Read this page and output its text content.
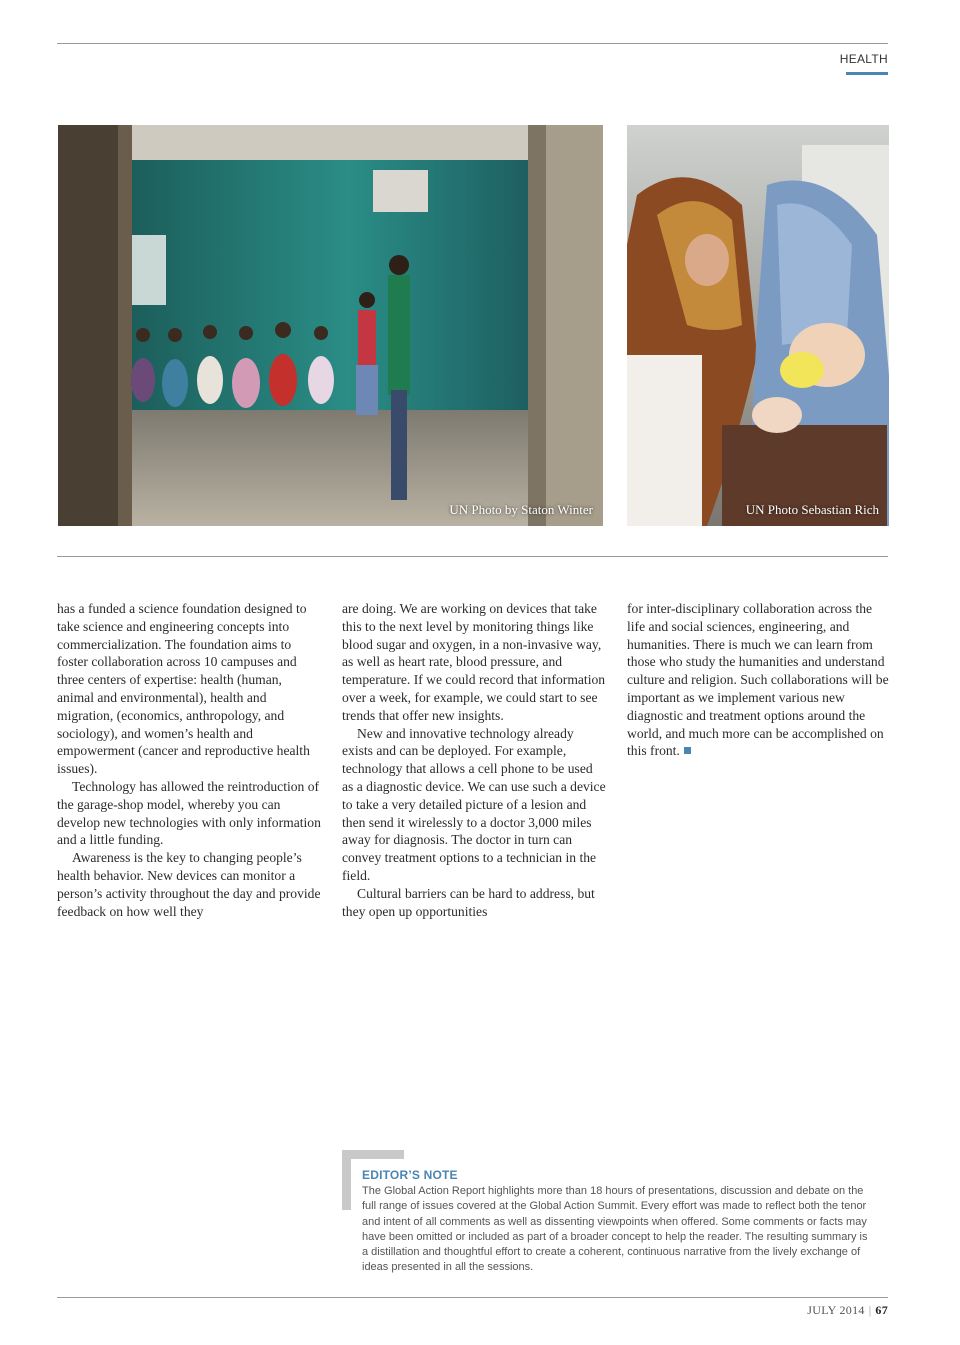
HEALTH
UN Photo by Staton Winter	UN Photo Sebastian Rich

has a funded a science foundation designed to take science and engineering concepts into commercialization. The foundation aims to foster collaboration across 10 campuses and three centers of expertise: health (human, animal and environmental), health and migration, (economics, anthropology, and sociology), and women’s health and empowerment (cancer and reproductive health issues).

Technology has allowed the reintroduction of the garage-shop model, whereby you can develop new technologies with only information and a little funding.

Awareness is the key to changing people’s health behavior. New devices can monitor a person’s activity throughout the day and provide feedback on how well they

are doing. We are working on devices that take this to the next level by monitoring things like blood sugar and oxygen, in a non-invasive way, as well as heart rate, blood pressure, and temperature. If we could record that information over a week, for example, we could start to see trends that offer new insights.

New and innovative technology already exists and can be deployed. For example, technology that allows a cell phone to be used as a diagnostic device. We can use such a device to take a very detailed picture of a lesion and then send it wirelessly to a doctor 3,000 miles away for diagnosis. The doctor in turn can convey treatment options to a technician in the field.

Cultural barriers can be hard to address, but they open up opportunities

for inter-disciplinary collaboration across the life and social sciences, engineering, and humanities. There is much we can learn from those who study the humanities and understand culture and religion. Such collaborations will be important as we implement various new diagnostic and treatment options around the world, and much more can be accomplished on this front.

EDITOR’S NOTE
The Global Action Report highlights more than 18 hours of presentations, discussion and debate on the full range of issues covered at the Global Action Summit. Every effort was made to reflect both the tenor and intent of all comments as well as dissenting viewpoints when offered. Some comments or facts may have been omitted or included as part of a broader concept to help the reader. The resulting summary is a distillation and thoughtful effort to create a coherent, continuous narrative from the lively exchange of ideas presented in all the sessions.
JULY 2014 | 67
